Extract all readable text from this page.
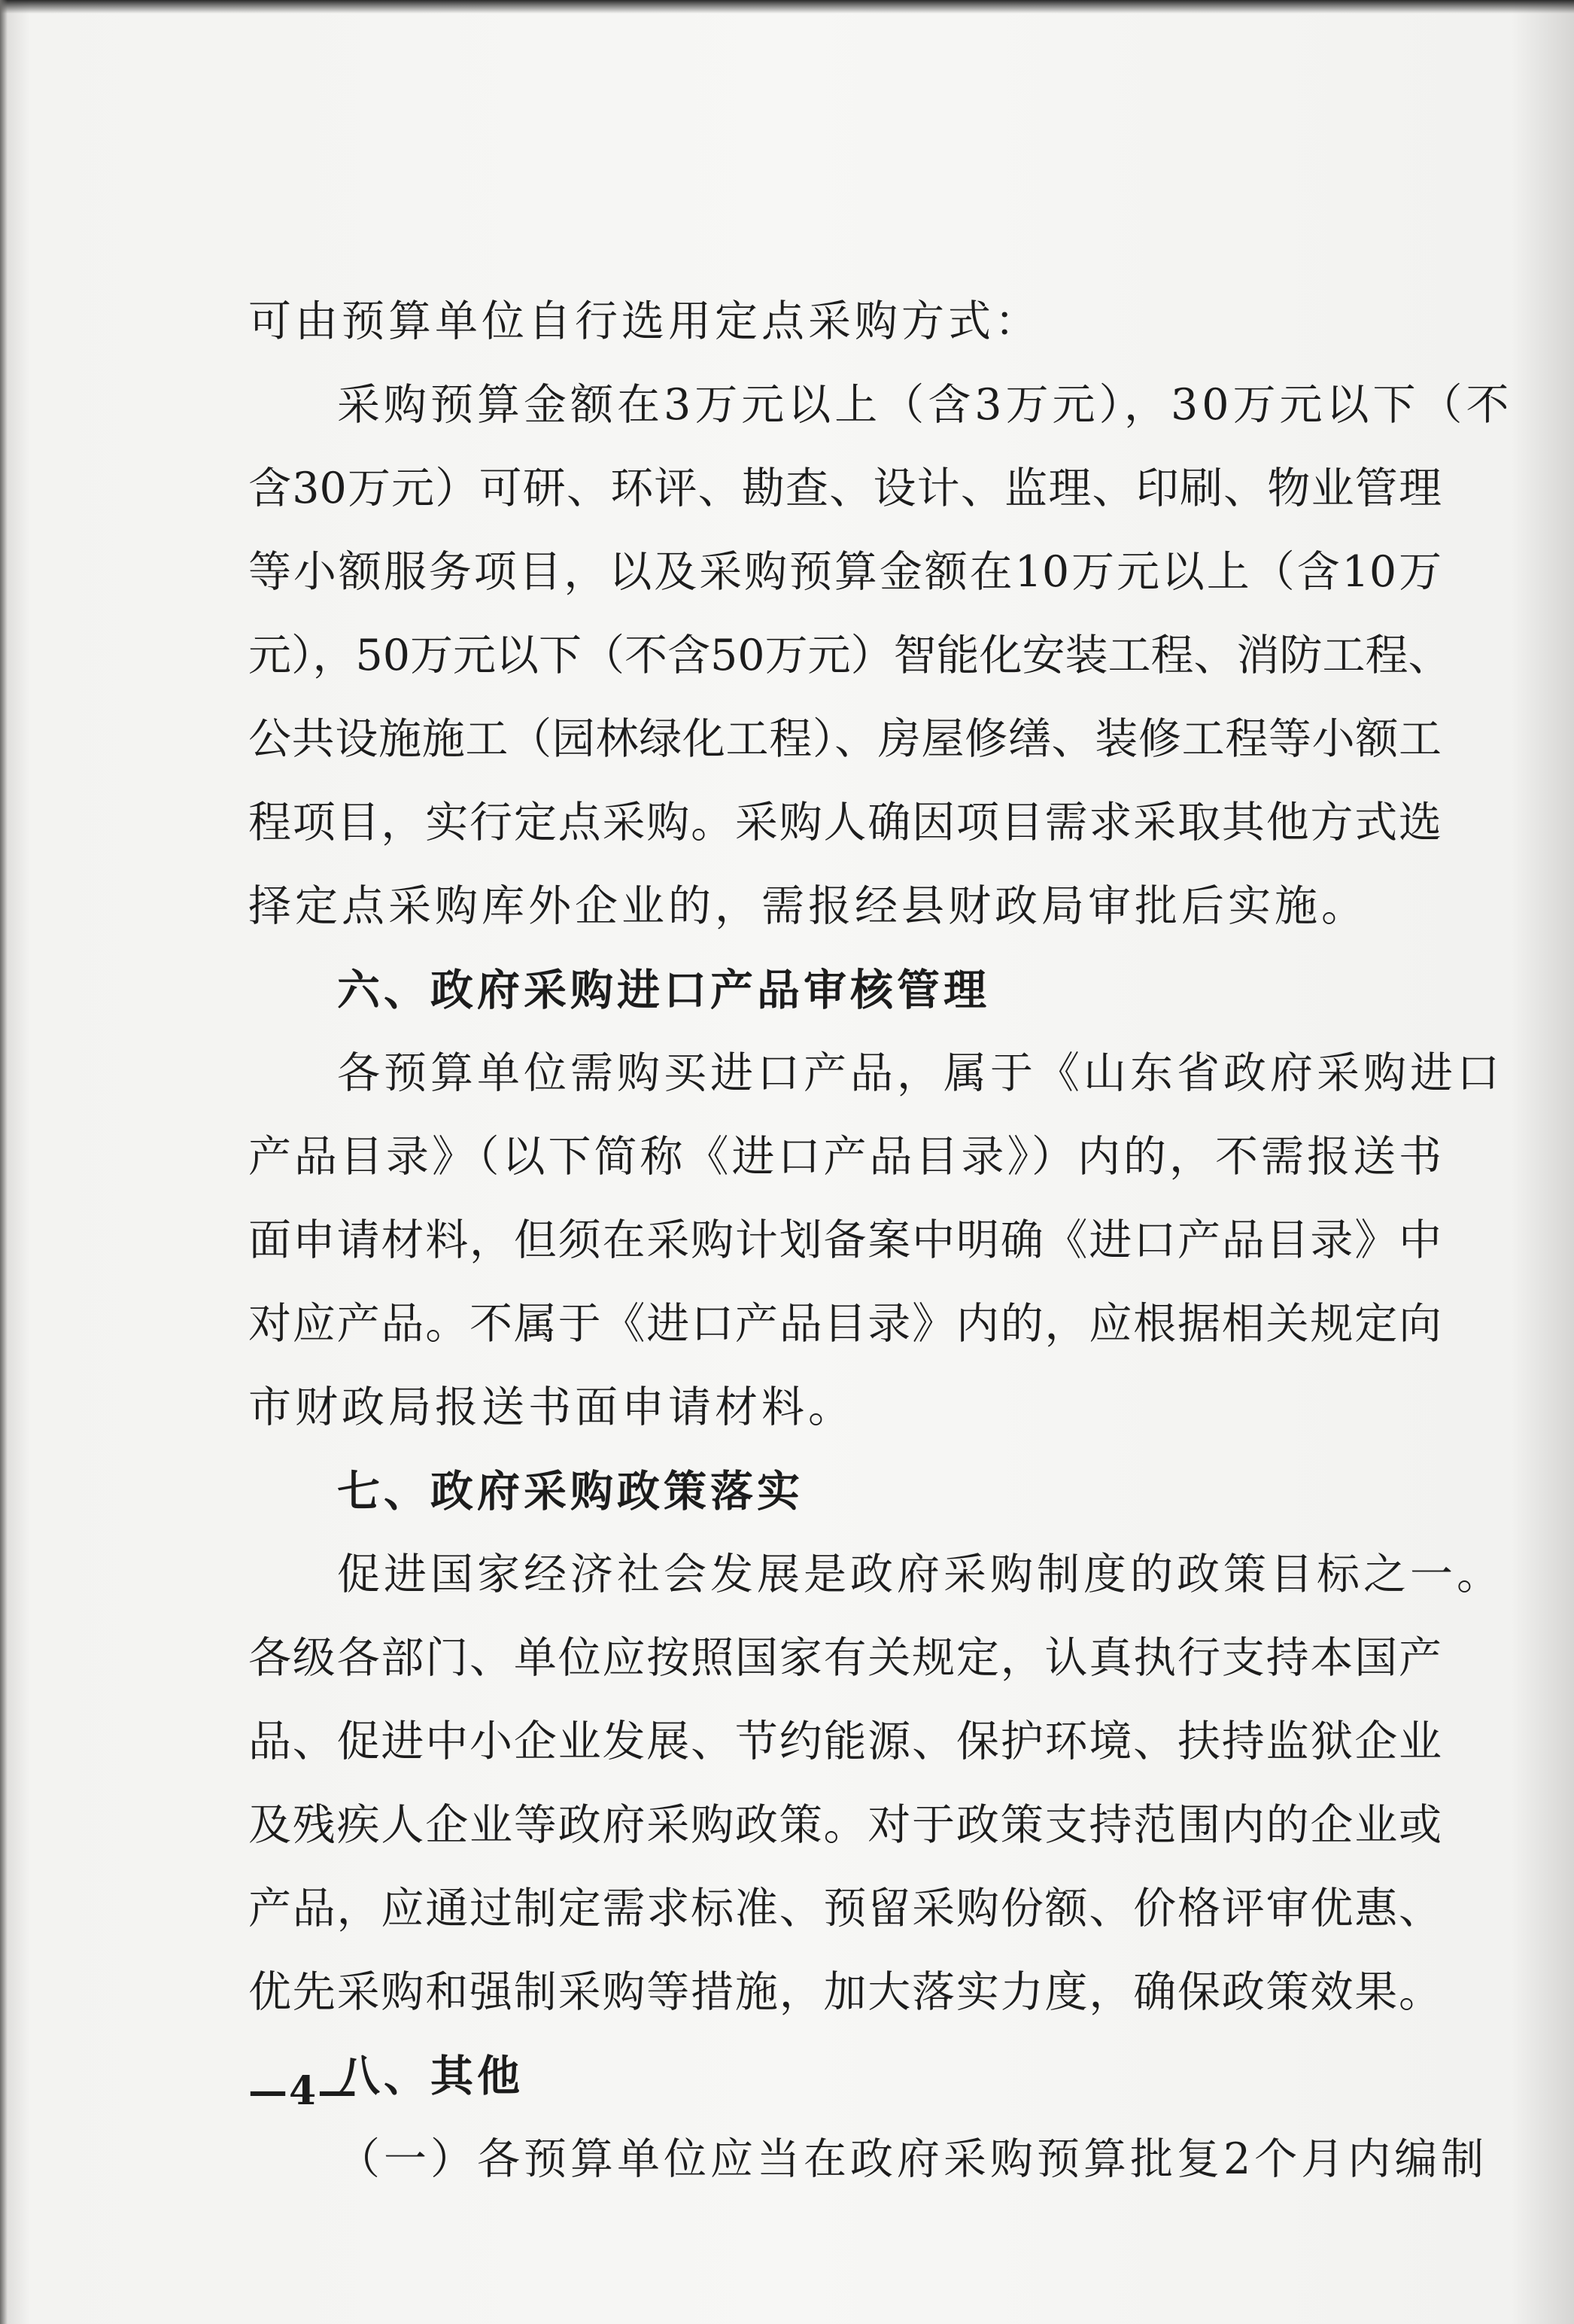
可由预算单位自行选用定点采购方式：
采购预算金额在3万元以上（含3万元），30万元以下（不
含30万元）可研、环评、勘查、设计、监理、印刷、物业管理
等小额服务项目，以及采购预算金额在10万元以上（含10万
元），50万元以下（不含50万元）智能化安装工程、消防工程、
公共设施施工（园林绿化工程）、房屋修缮、装修工程等小额工
程项目，实行定点采购。采购人确因项目需求采取其他方式选
择定点采购库外企业的，需报经县财政局审批后实施。
六、政府采购进口产品审核管理
各预算单位需购买进口产品，属于《山东省政府采购进口
产品目录》（以下简称《进口产品目录》）内的，不需报送书
面申请材料，但须在采购计划备案中明确《进口产品目录》中
对应产品。不属于《进口产品目录》内的，应根据相关规定向
市财政局报送书面申请材料。
七、政府采购政策落实
促进国家经济社会发展是政府采购制度的政策目标之一。
各级各部门、单位应按照国家有关规定，认真执行支持本国产
品、促进中小企业发展、节约能源、保护环境、扶持监狱企业
及残疾人企业等政府采购政策。对于政策支持范围内的企业或
产品，应通过制定需求标准、预留采购份额、价格评审优惠、
优先采购和强制采购等措施，加大落实力度，确保政策效果。
八、其他
（一）各预算单位应当在政府采购预算批复2个月内编制
—4—
